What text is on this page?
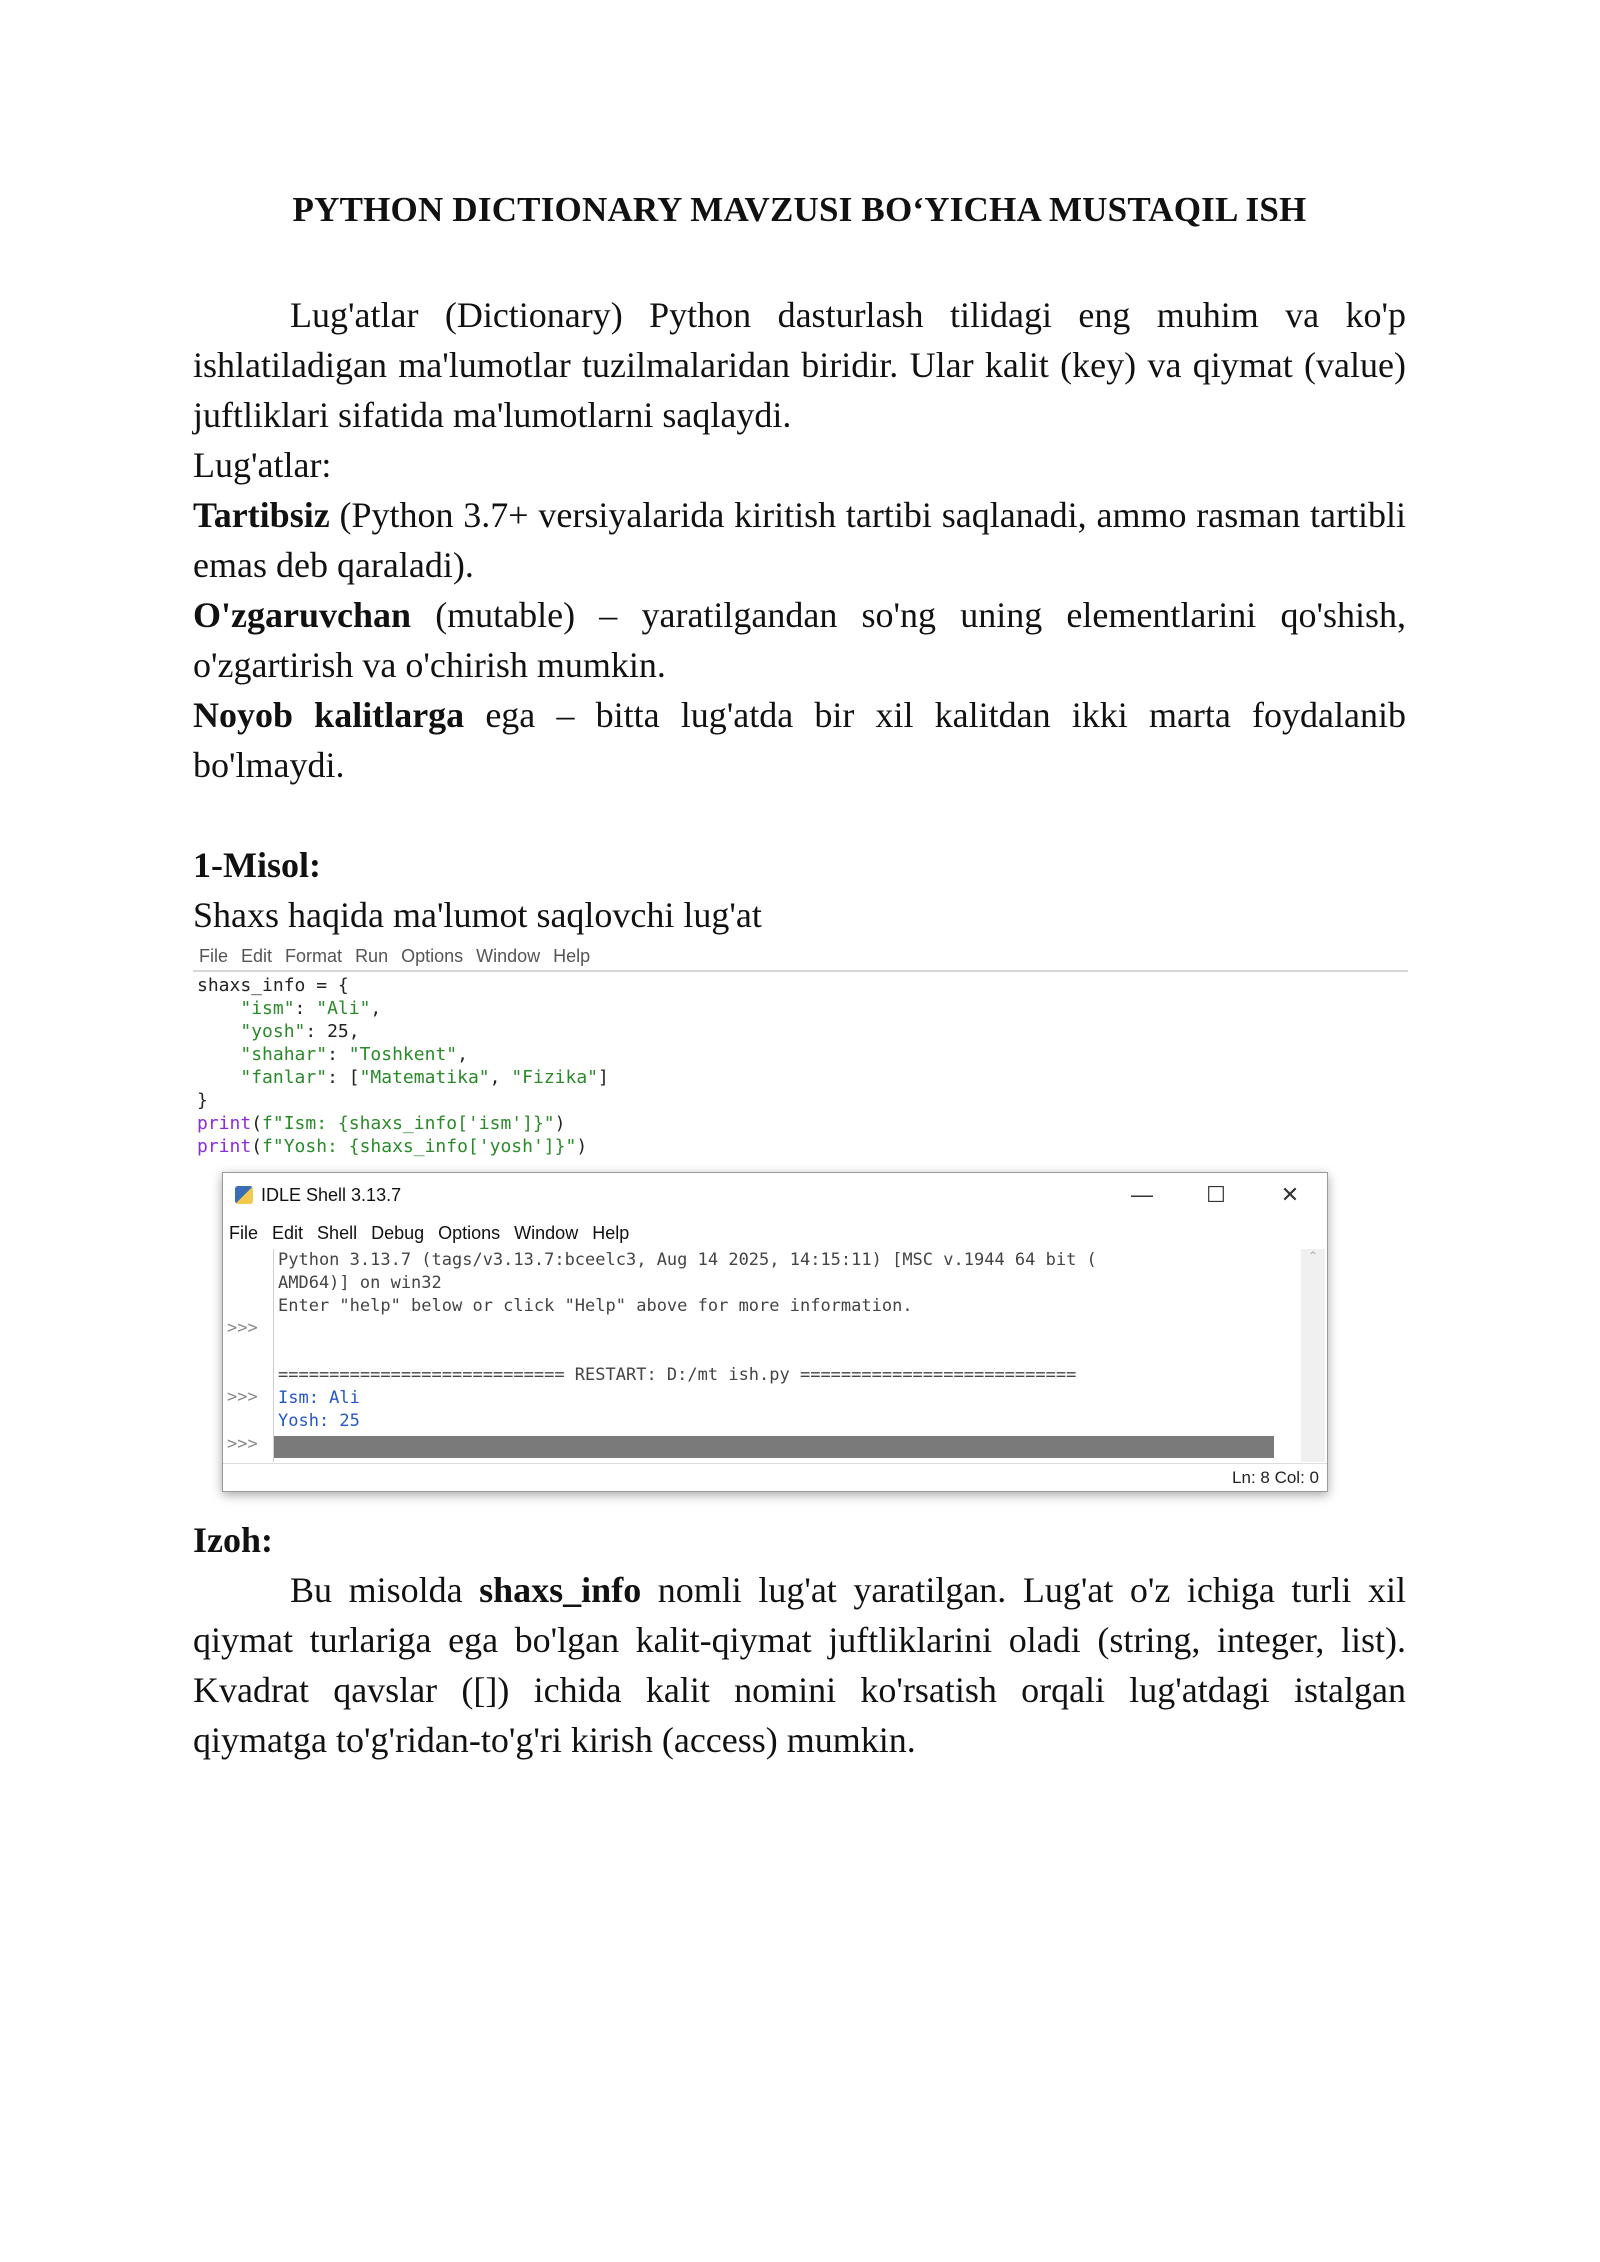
PYTHON DICTIONARY MAVZUSI BO‘YICHA MUSTAQIL ISH

Lug'atlar (Dictionary) Python dasturlash tilidagi eng muhim va ko'p ishlatiladigan ma'lumotlar tuzilmalaridan biridir. Ular kalit (key) va qiymat (value) juftliklari sifatida ma'lumotlarni saqlaydi.

Lug'atlar:

Tartibsiz (Python 3.7+ versiyalarida kiritish tartibi saqlanadi, ammo rasman tartibli emas deb qaraladi).

O'zgaruvchan (mutable) – yaratilgandan so'ng uning elementlarini qo'shish, o'zgartirish va o'chirish mumkin.

Noyob kalitlarga ega – bitta lug'atda bir xil kalitdan ikki marta foydalanib bo'lmaydi.

1-Misol:

Shaxs haqida ma'lumot saqlovchi lug'at

File Edit Format Run Options Window Help
shaxs_info = {
"ism": "Ali",
"yosh": 25,
"shahar": "Toshkent",
"fanlar": ["Matematika", "Fizika"]
}
print(f"Ism: {shaxs_info['ism']}")
print(f"Yosh: {shaxs_info['yosh']}")
IDLE Shell 3.13.7	—	☐	✕
File Edit Shell Debug Options Window Help
>>>
>>>
>>>
Python 3.13.7 (tags/v3.13.7:bceelc3, Aug 14 2025, 14:15:11) [MSC v.1944 64 bit (
AMD64)] on win32
Enter "help" below or click "Help" above for more information.

============================ RESTART: D:/mt ish.py ===========================
Ism: Ali
Yosh: 25
⌃
Ln: 8 Col: 0

Izoh:

Bu misolda shaxs_info nomli lug'at yaratilgan. Lug'at o'z ichiga turli xil qiymat turlariga ega bo'lgan kalit-qiymat juftliklarini oladi (string, integer, list). Kvadrat qavslar ([]) ichida kalit nomini ko'rsatish orqali lug'atdagi istalgan qiymatga to'g'ridan-to'g'ri kirish (access) mumkin.
